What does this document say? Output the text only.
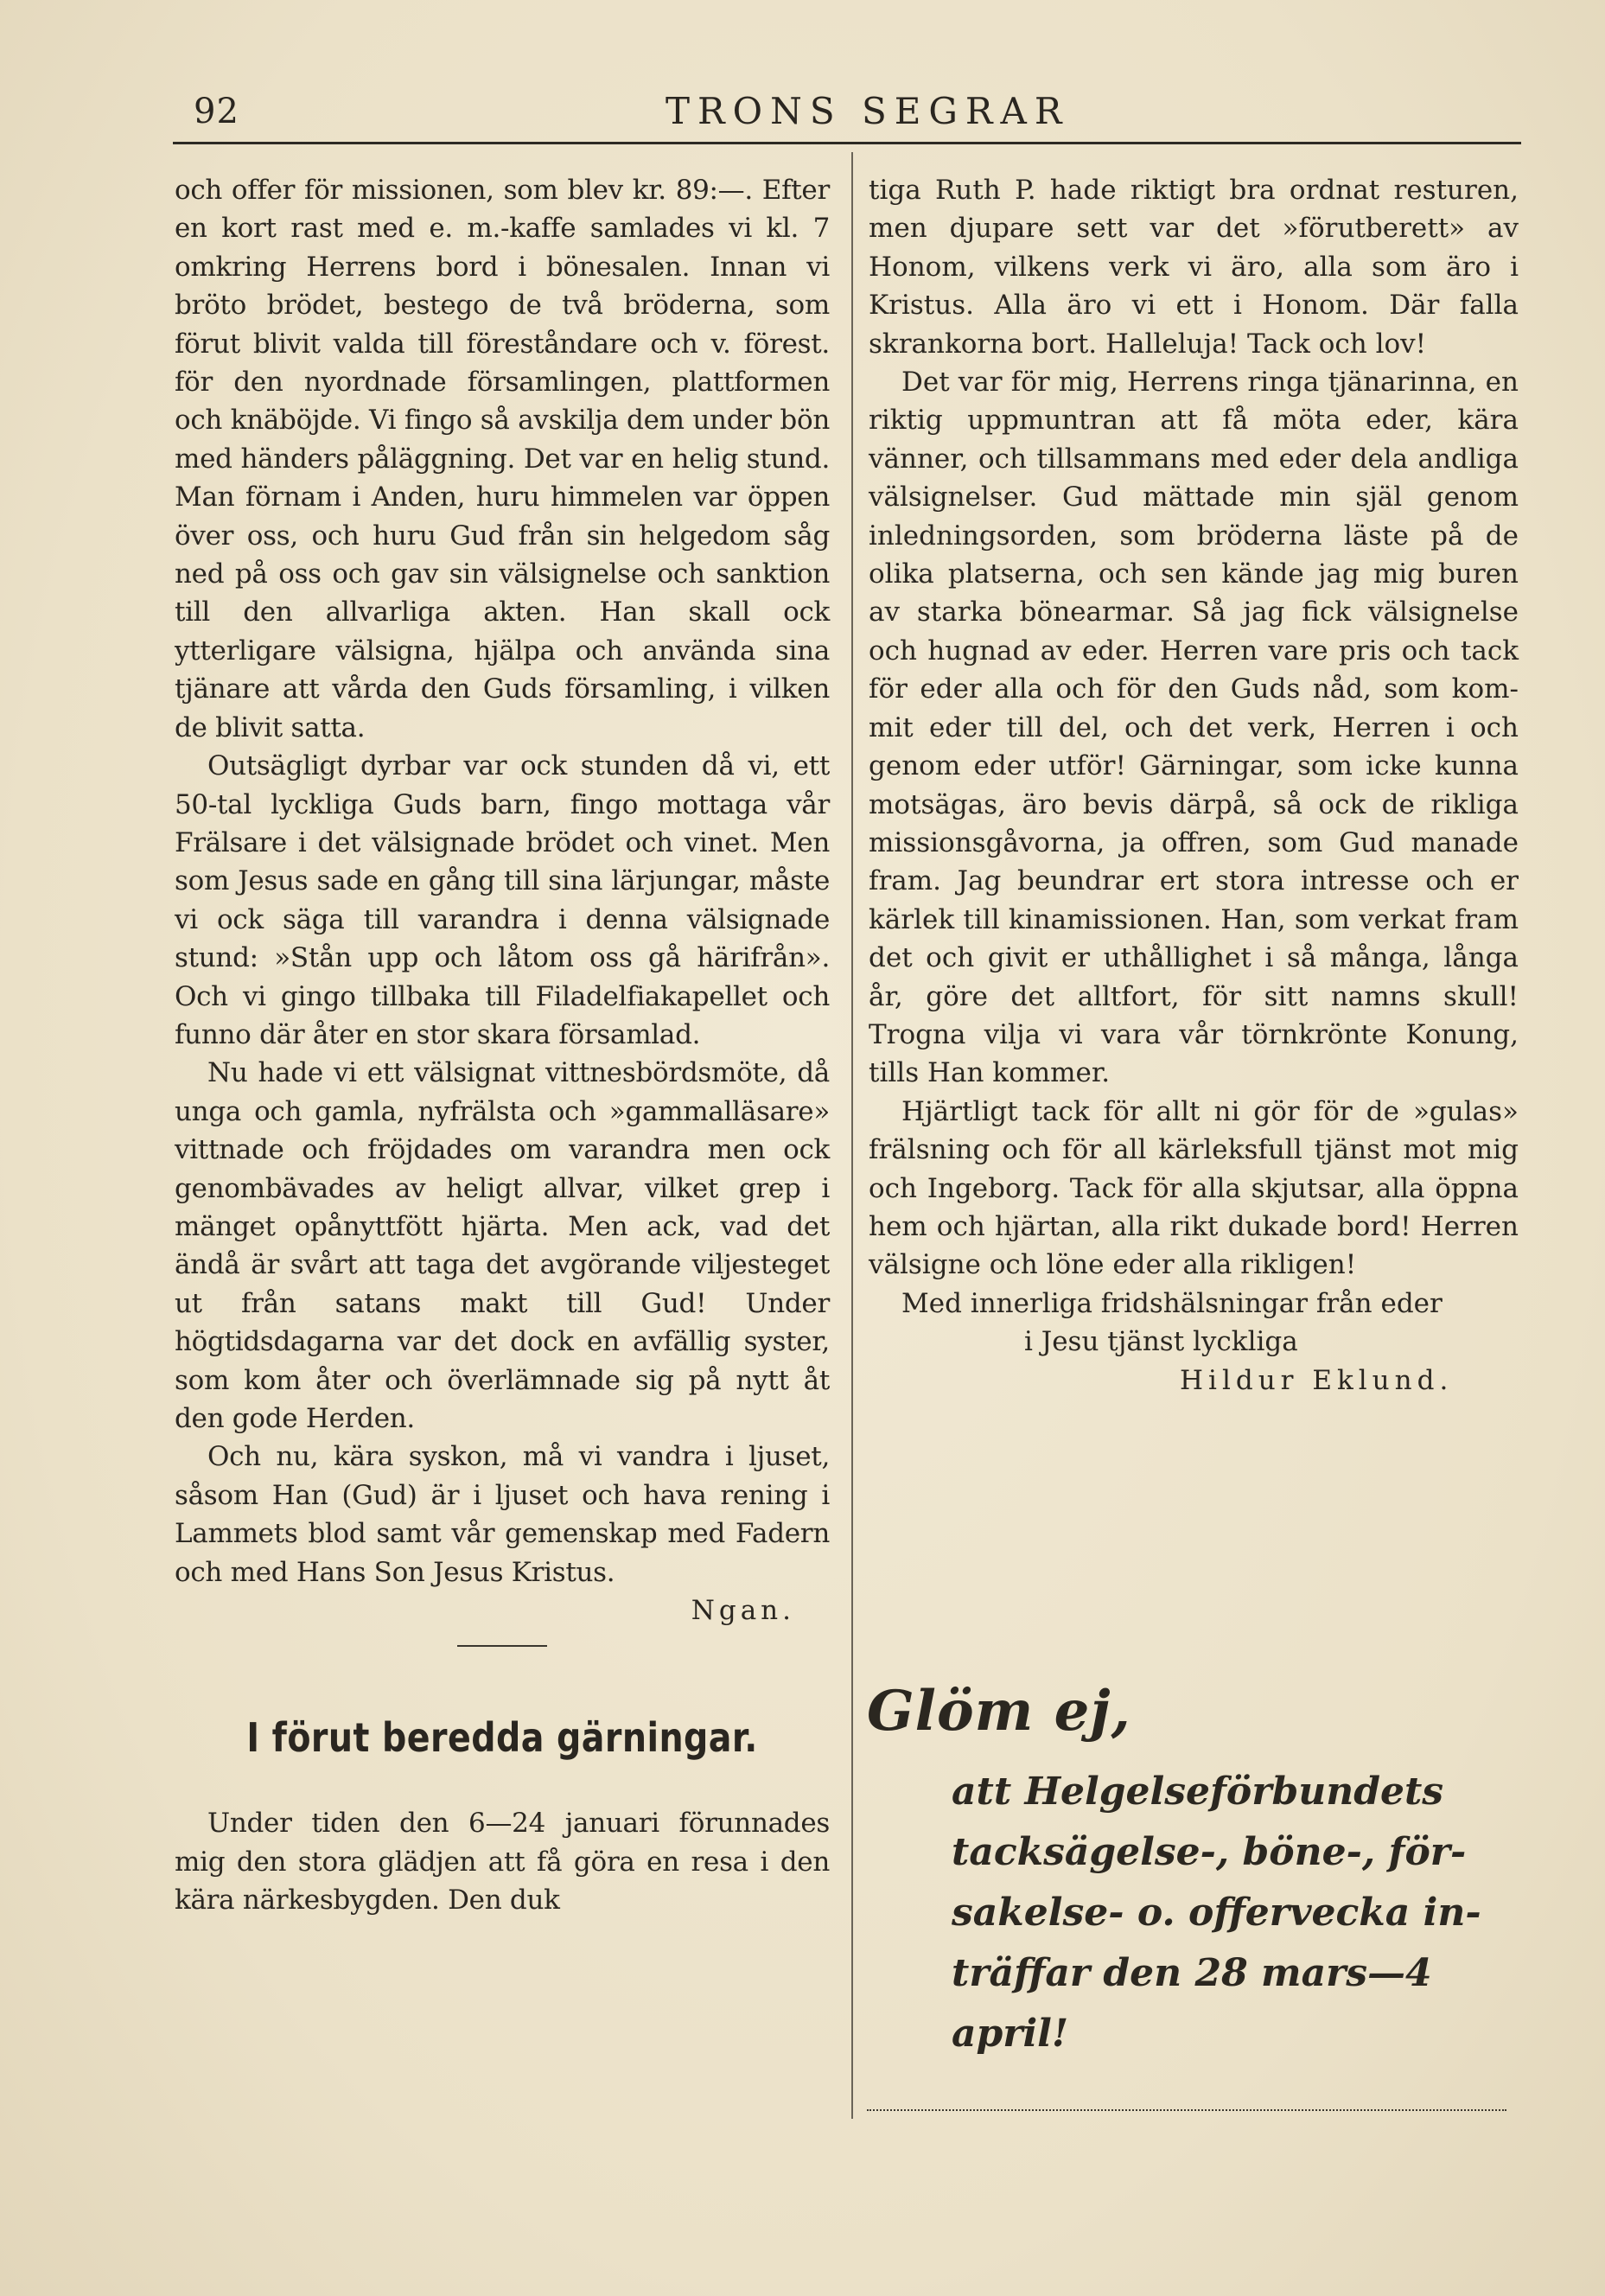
92	TRONS SEGRAR

och offer för missionen, som blev kr. 89:—. Efter en kort rast med e. m.-kaffe samlades vi kl. 7 omkring Herrens bord i bönesalen. Innan vi bröto brödet, bestego de två bröderna, som förut blivit valda till föreståndare och v. förest. för den nyordnade församlingen, plattformen och knäböjde. Vi fingo så avskilja dem under bön med händers påläggning. Det var en helig stund. Man förnam i Anden, huru himmelen var öppen över oss, och huru Gud från sin helgedom såg ned på oss och gav sin välsignelse och sanktion till den allvarliga akten. Han skall ock ytterligare välsigna, hjälpa och använda sina tjänare att vårda den Guds församling, i vilken de blivit satta.

Outsägligt dyrbar var ock stunden då vi, ett 50-tal lyckliga Guds barn, fingo mottaga vår Frälsare i det välsignade brödet och vinet. Men som Jesus sade en gång till sina lärjungar, måste vi ock säga till varandra i denna välsignade stund: »Stån upp och låtom oss gå härifrån». Och vi gingo tillbaka till Filadelfiakapellet och funno där åter en stor skara församlad.

Nu hade vi ett välsignat vittnesbördsmöte, då unga och gamla, nyfrälsta och »gammalläsare» vittnade och fröjdades om varandra men ock genombävades av heligt allvar, vilket grep i mänget opånyttfött hjärta. Men ack, vad det ändå är svårt att taga det avgörande viljesteget ut från satans makt till Gud! Under högtidsdagarna var det dock en avfällig syster, som kom åter och överlämnade sig på nytt åt den gode Herden.

Och nu, kära syskon, må vi vandra i ljuset, såsom Han (Gud) är i ljuset och hava rening i Lammets blod samt vår gemenskap med Fadern och med Hans Son Jesus Kristus.

Ngan.

I förut beredda gärningar.

Under tiden den 6—24 januari förunnades mig den stora glädjen att få göra en resa i den kära närkesbygden. Den duk

tiga Ruth P. hade riktigt bra ordnat resturen, men djupare sett var det »förutberett» av Honom, vilkens verk vi äro, alla som äro i Kristus. Alla äro vi ett i Honom. Där falla skrankorna bort. Halleluja! Tack och lov!

Det var för mig, Herrens ringa tjänarinna, en riktig uppmuntran att få möta eder, kära vänner, och tillsammans med eder dela andliga välsignelser. Gud mättade min själ genom inledningsorden, som bröderna läste på de olika platserna, och sen kände jag mig buren av starka bönearmar. Så jag fick välsignelse och hugnad av eder. Herren vare pris och tack för eder alla och för den Guds nåd, som kommit eder till del, och det verk, Herren i och genom eder utför! Gärningar, som icke kunna motsägas, äro bevis därpå, så ock de rikliga missionsgåvorna, ja offren, som Gud manade fram. Jag beundrar ert stora intresse och er kärlek till kinamissionen. Han, som verkat fram det och givit er uthållighet i så många, långa år, göre det alltfort, för sitt namns skull! Trogna vilja vi vara vår törnkrönte Konung, tills Han kommer.

Hjärtligt tack för allt ni gör för de »gulas» frälsning och för all kärleksfull tjänst mot mig och Ingeborg. Tack för alla skjutsar, alla öppna hem och hjärtan, alla rikt dukade bord! Herren välsigne och löne eder alla rikligen!

Med innerliga fridshälsningar från eder

i Jesu tjänst lyckliga

Hildur Eklund.

Glöm ej,

att Helgelseförbundets tacksägelse-, böne-, försakelse- o. offervecka inträffar den 28 mars—4 april!
